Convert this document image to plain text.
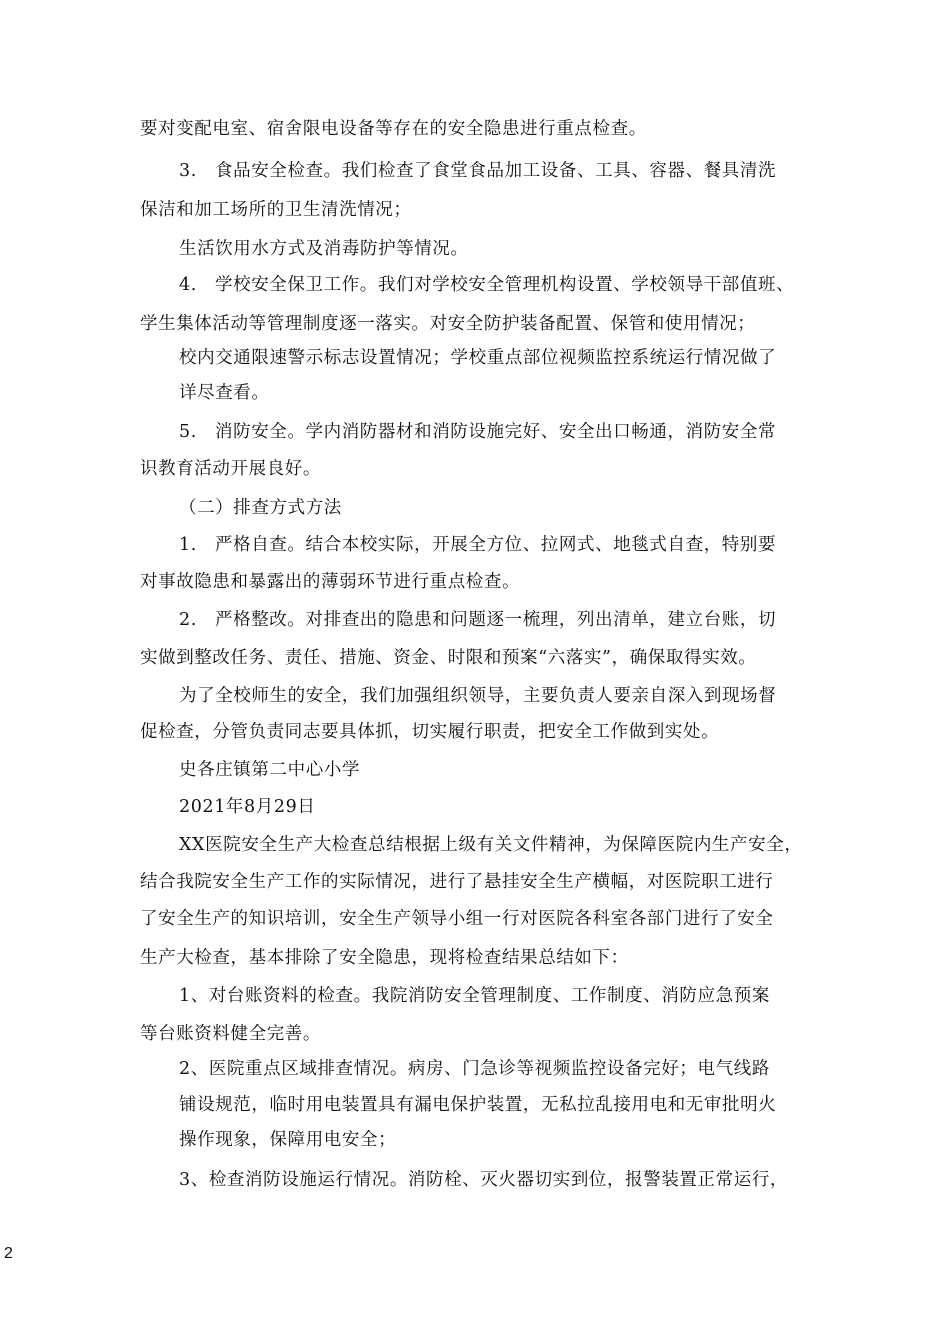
要对变配电室、宿舍限电设备等存在的安全隐患进行重点检查。

3.　食品安全检查。我们检查了食堂食品加工设备、工具、容器、餐具清洗

保洁和加工场所的卫生清洗情况；

生活饮用水方式及消毒防护等情况。

4.　学校安全保卫工作。我们对学校安全管理机构设置、学校领导干部值班、

学生集体活动等管理制度逐一落实。对安全防护装备配置、保管和使用情况；

校内交通限速警示标志设置情况；学校重点部位视频监控系统运行情况做了

详尽查看。

5.　消防安全。学内消防器材和消防设施完好、安全出口畅通，消防安全常

识教育活动开展良好。

（二）排查方式方法

1.　严格自查。结合本校实际，开展全方位、拉网式、地毯式自查，特别要

对事故隐患和暴露出的薄弱环节进行重点检查。

2.　严格整改。对排查出的隐患和问题逐一梳理，列出清单，建立台账，切

实做到整改任务、责任、措施、资金、时限和预案“六落实”，确保取得实效。

为了全校师生的安全，我们加强组织领导，主要负责人要亲自深入到现场督

促检查，分管负责同志要具体抓，切实履行职责，把安全工作做到实处。

史各庄镇第二中心小学

2021年8月29日

XX医院安全生产大检查总结根据上级有关文件精神，为保障医院内生产安全，

结合我院安全生产工作的实际情况，进行了悬挂安全生产横幅，对医院职工进行

了安全生产的知识培训，安全生产领导小组一行对医院各科室各部门进行了安全

生产大检查，基本排除了安全隐患，现将检查结果总结如下：

1、对台账资料的检查。我院消防安全管理制度、工作制度、消防应急预案

等台账资料健全完善。

2、医院重点区域排查情况。病房、门急诊等视频监控设备完好；电气线路

铺设规范，临时用电装置具有漏电保护装置，无私拉乱接用电和无审批明火

操作现象，保障用电安全；

3、检查消防设施运行情况。消防栓、灭火器切实到位，报警装置正常运行，

2
